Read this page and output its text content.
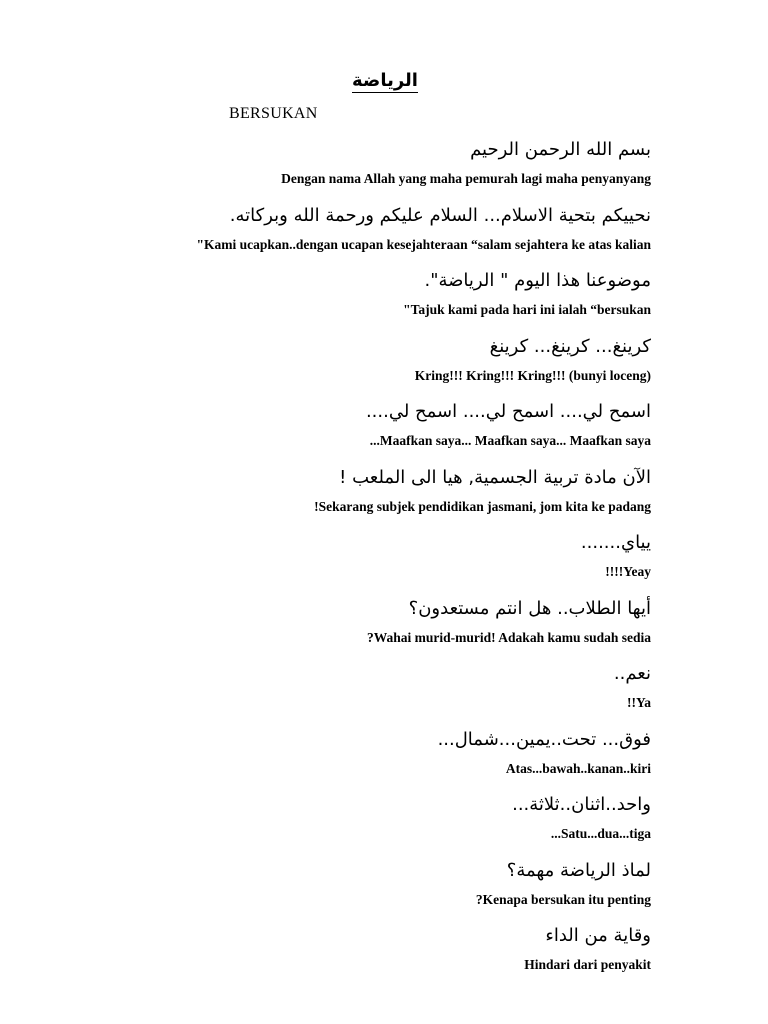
الرياضة
BERSUKAN
بسم الله الرحمن الرحيم
Dengan nama Allah yang maha pemurah lagi maha penyanyang
نحييكم بتحية الاسلام... السلام عليكم ورحمة الله وبركاته.
"Kami ucapkan..dengan ucapan kesejahteraan “salam sejahtera ke atas kalian
موضوعنا هذا اليوم " الرياضة".
"Tajuk kami pada hari ini ialah “bersukan
كرينغ... كرينغ... كرينغ
Kring!!! Kring!!! Kring!!! (bunyi loceng)
اسمح لي.... اسمح لي.... اسمح لي....
...Maafkan saya... Maafkan saya... Maafkan saya
الآن مادة تربية الجسمية, هيا الى الملعب !
!Sekarang subjek pendidikan jasmani, jom kita ke padang
يياي.......
!!!!Yeay
أيها الطلاب.. هل انتم مستعدون؟
?Wahai murid-murid! Adakah kamu sudah sedia
نعم..
!!Ya
فوق... تحت..يمين...شمال...
Atas...bawah..kanan..kiri
واحد..اثنان..ثلاثة...
...Satu...dua...tiga
لماذ الرياضة مهمة؟
?Kenapa bersukan itu penting
وقاية من الداء
Hindari dari penyakit
